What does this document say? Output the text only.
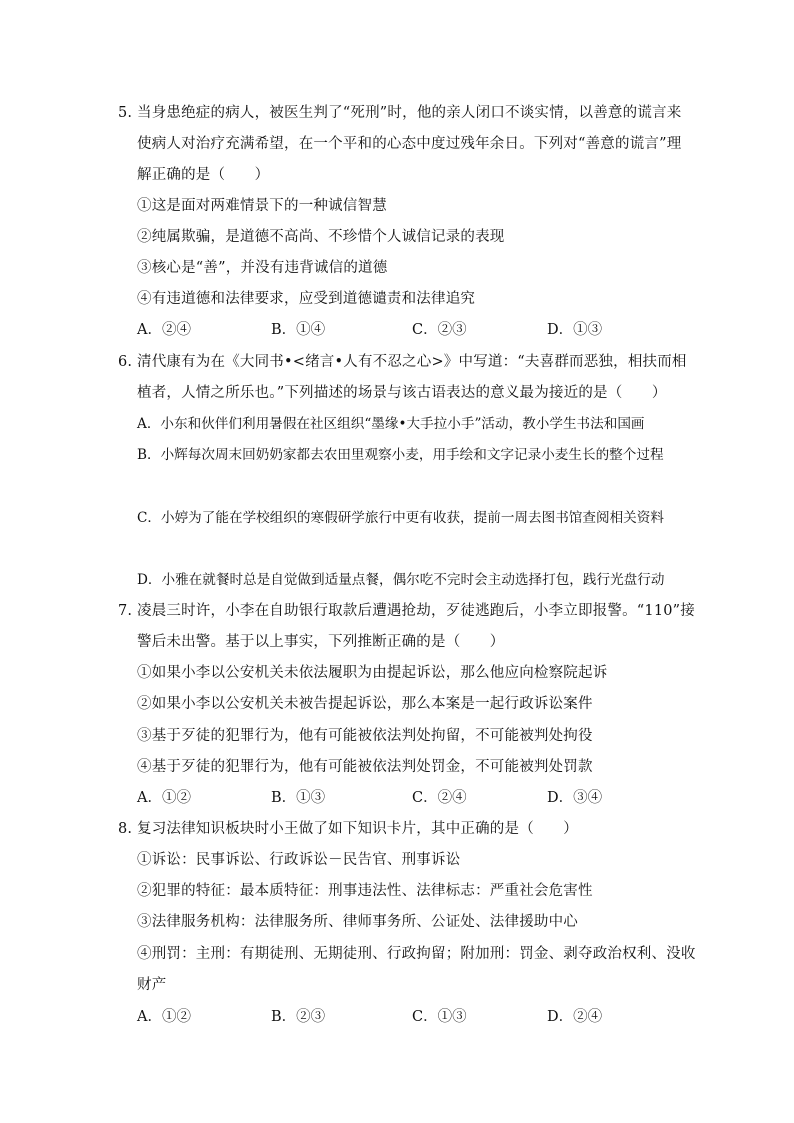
5. 当身患绝症的病人，被医生判了“死刑”时，他的亲人闭口不谈实情，以善意的谎言来
使病人对治疗充满希望，在一个平和的心态中度过残年余日。下列对“善意的谎言”理
解正确的是（　　）
①这是面对两难情景下的一种诚信智慧
②纯属欺骗，是道德不高尚、不珍惜个人诚信记录的表现
③核心是“善”，并没有违背诚信的道德
④有违道德和法律要求，应受到道德谴责和法律追究
A．②④	B．①④	C．②③	D．①③
6. 清代康有为在《大同书•<绪言•人有不忍之心>》中写道：“夫喜群而恶独，相扶而相
植者，人情之所乐也。”下列描述的场景与该古语表达的意义最为接近的是（　　）
A．小东和伙伴们利用暑假在社区组织“墨缘•大手拉小手”活动，教小学生书法和国画
B．小辉每次周末回奶奶家都去农田里观察小麦，用手绘和文字记录小麦生长的整个过程
C．小婷为了能在学校组织的寒假研学旅行中更有收获，提前一周去图书馆查阅相关资料
D．小雅在就餐时总是自觉做到适量点餐，偶尔吃不完时会主动选择打包，践行光盘行动
7. 凌晨三时许，小李在自助银行取款后遭遇抢劫，歹徒逃跑后，小李立即报警。“110”接
警后未出警。基于以上事实，下列推断正确的是（　　）
①如果小李以公安机关未依法履职为由提起诉讼，那么他应向检察院起诉
②如果小李以公安机关未被告提起诉讼，那么本案是一起行政诉讼案件
③基于歹徒的犯罪行为，他有可能被依法判处拘留，不可能被判处拘役
④基于歹徒的犯罪行为，他有可能被依法判处罚金，不可能被判处罚款
A．①②	B．①③	C．②④	D．③④
8. 复习法律知识板块时小王做了如下知识卡片，其中正确的是（　　）
①诉讼：民事诉讼、行政诉讼－民告官、刑事诉讼
②犯罪的特征：最本质特征：刑事违法性、法律标志：严重社会危害性
③法律服务机构：法律服务所、律师事务所、公证处、法律援助中心
④刑罚：主刑：有期徒刑、无期徒刑、行政拘留；附加刑：罚金、剥夺政治权利、没收
财产
A．①②	B．②③	C．①③	D．②④
